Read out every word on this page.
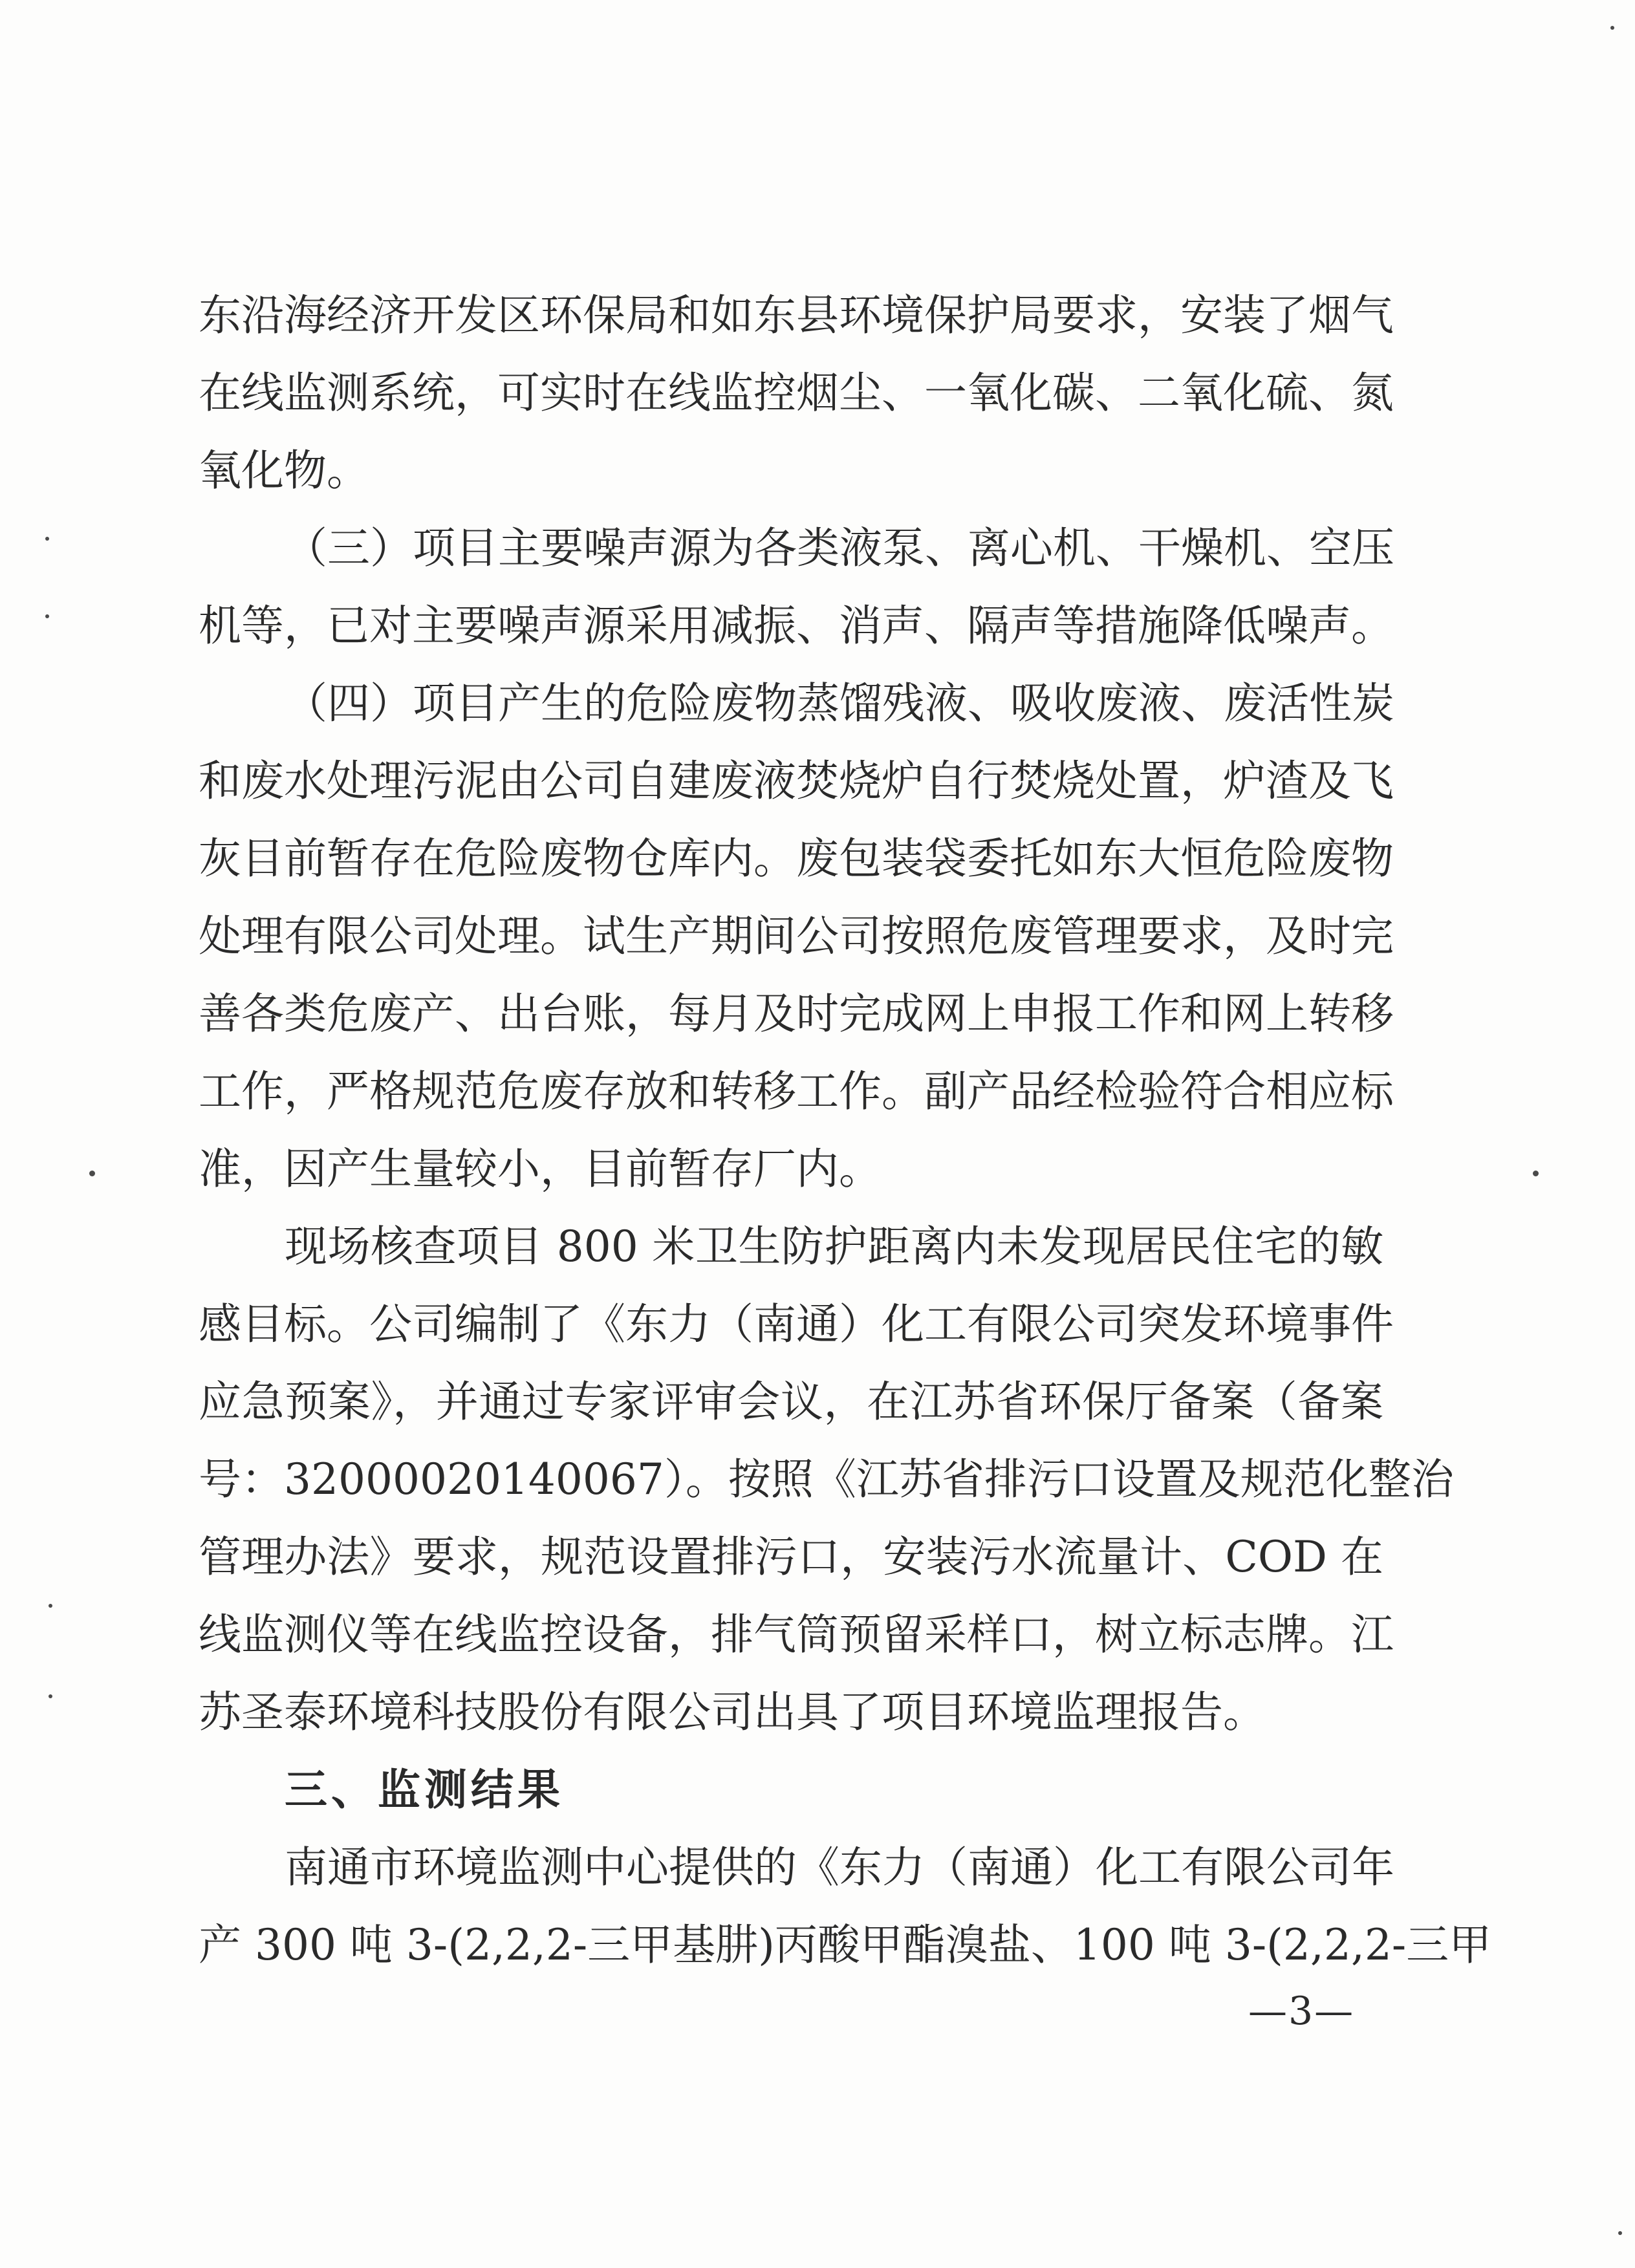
东沿海经济开发区环保局和如东县环境保护局要求，安装了烟气
在线监测系统，可实时在线监控烟尘、一氧化碳、二氧化硫、氮
氧化物。
（三）项目主要噪声源为各类液泵、离心机、干燥机、空压
机等，已对主要噪声源采用减振、消声、隔声等措施降低噪声。
（四）项目产生的危险废物蒸馏残液、吸收废液、废活性炭
和废水处理污泥由公司自建废液焚烧炉自行焚烧处置，炉渣及飞
灰目前暂存在危险废物仓库内。废包装袋委托如东大恒危险废物
处理有限公司处理。试生产期间公司按照危废管理要求，及时完
善各类危废产、出台账，每月及时完成网上申报工作和网上转移
工作，严格规范危废存放和转移工作。副产品经检验符合相应标
准，因产生量较小，目前暂存厂内。
现场核查项目 800 米卫生防护距离内未发现居民住宅的敏
感目标。公司编制了《东力（南通）化工有限公司突发环境事件
应急预案》，并通过专家评审会议，在江苏省环保厅备案（备案
号：32000020140067）。按照《江苏省排污口设置及规范化整治
管理办法》要求，规范设置排污口，安装污水流量计、COD 在
线监测仪等在线监控设备，排气筒预留采样口，树立标志牌。江
苏圣泰环境科技股份有限公司出具了项目环境监理报告。
三、监测结果
南通市环境监测中心提供的《东力（南通）化工有限公司年
产 300 吨 3-(2,2,2-三甲基肼)丙酸甲酯溴盐、100 吨 3-(2,2,2-三甲
—3—
